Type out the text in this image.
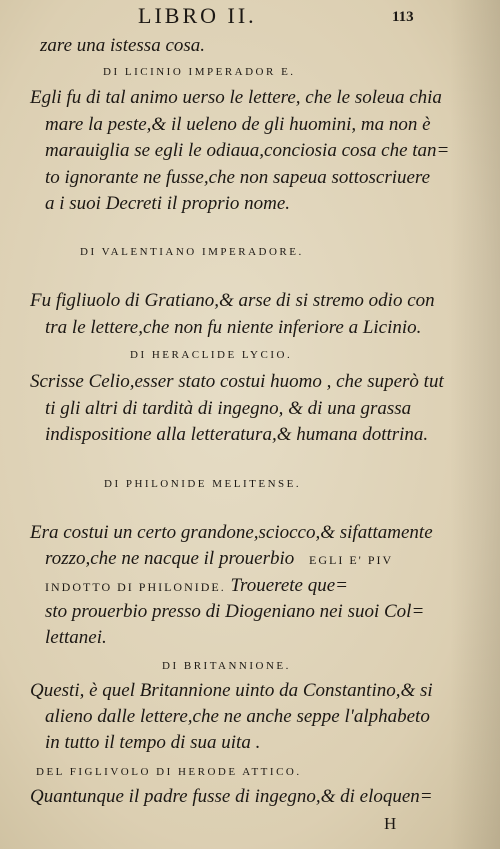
LIBRO II.	113
zare una istessa cosa.
DI LICINIO IMPERADOR E.
Egli fu di tal animo uerso le lettere, che le soleua chia
mare la peste,& il ueleno de gli huomini, ma non è
marauiglia se egli le odiaua,conciosia cosa che tan=
to ignorante ne fusse,che non sapeua sottoscriuere
a i suoi Decreti il proprio nome.
DI VALENTIANO IMPERADORE.
Fu figliuolo di Gratiano,& arse di si stremo odio con
tra le lettere,che non fu niente inferiore a Licinio.
DI HERACLIDE LYCIO.
Scrisse Celio,esser stato costui huomo , che superò tut
ti gli altri di tardità di ingegno, & di una grassa
indispositione alla letteratura,& humana dottrina.
DI PHILONIDE MELITENSE.
Era costui un certo grandone,sciocco,& sifattamente
rozzo,che ne nacque il prouerbio EGLI E' PIV
INDOTTO DI PHILONIDE. Trouerete que=
sto prouerbio presso di Diogeniano nei suoi Col=
lettanei.
DI BRITANNIONE.
Questi, è quel Britannione uinto da Constantino,& si
alieno dalle lettere,che ne anche seppe l'alphabeto
in tutto il tempo di sua uita .
DEL FIGLIVOLO DI HERODE ATTICO.
Quantunque il padre fusse di ingegno,& di eloquen=
H
